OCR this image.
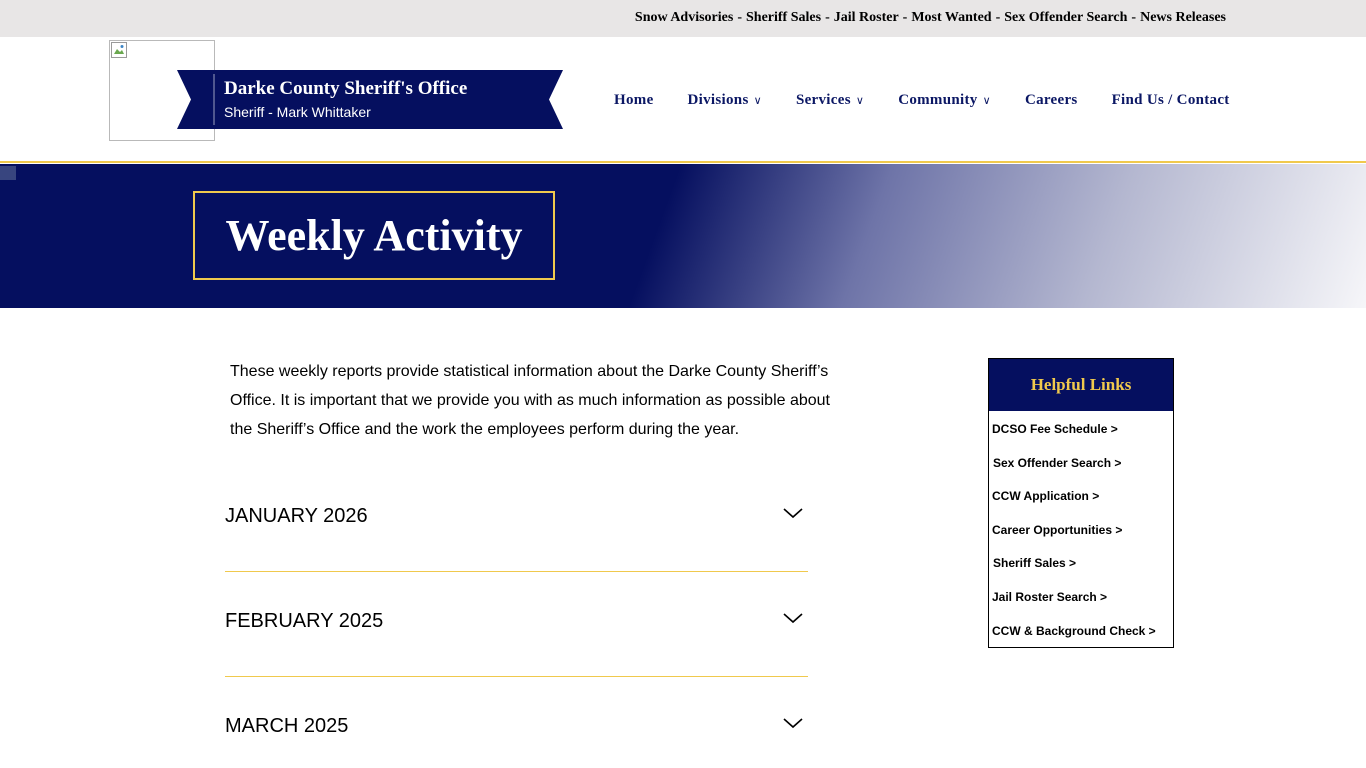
Snow Advisories - Sheriff Sales - Jail Roster - Most Wanted - Sex Offender Search - News Releases
Darke County Sheriff's Office
Sheriff - Mark Whittaker
Home Divisions ∨ Services ∨ Community ∨ Careers Find Us / Contact
Weekly Activity

These weekly reports provide statistical information about the Darke County Sheriff’s Office. It is important that we provide you with as much information as possible about the Sheriff’s Office and the work the employees perform during the year.

JANUARY 2026
FEBRUARY 2025
MARCH 2025
Helpful Links
DCSO Fee Schedule >
Sex Offender Search >
CCW Application >
Career Opportunities >
Sheriff Sales >
Jail Roster Search >
CCW & Background Check >
